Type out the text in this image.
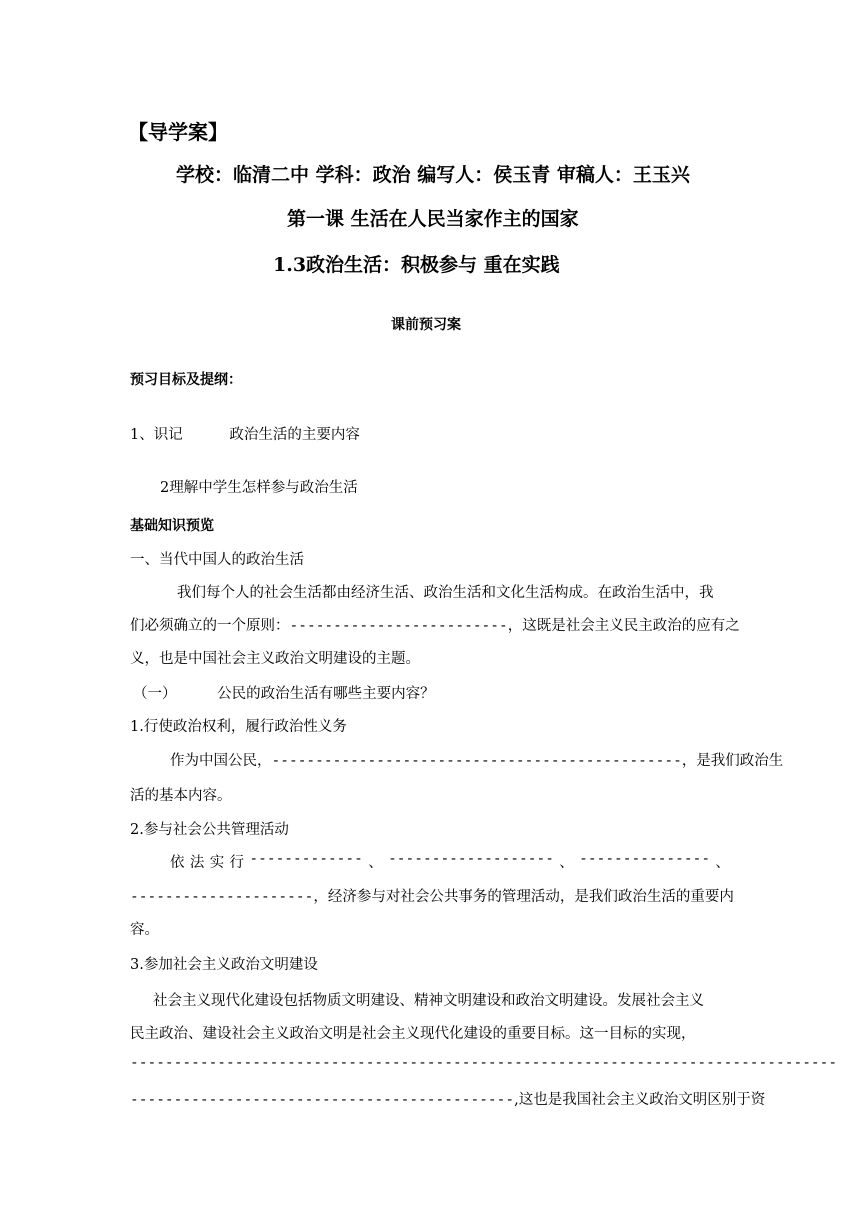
【导学案】
学校：临清二中 学科：政治 编写人：侯玉青 审稿人：王玉兴
第一课 生活在人民当家作主的国家
1.3政治生活：积极参与 重在实践
课前预习案
预习目标及提纲：
1、识记	政治生活的主要内容
2理解中学生怎样参与政治生活
基础知识预览
一、当代中国人的政治生活
我们每个人的社会生活都由经济生活、政治生活和文化生活构成。在政治生活中，我
们必须确立的一个原则：-------------------------，这既是社会主义民主政治的应有之
义，也是中国社会主义政治文明建设的主题。
（一）	公民的政治生活有哪些主要内容？
1.行使政治权利，履行政治性义务
作为中国公民，-----------------------------------------------，是我们政治生
活的基本内容。
2.参与社会公共管理活动
依 法 实 行 ------------- 、 ------------------- 、 --------------- 、
---------------------，经济参与对社会公共事务的管理活动，是我们政治生活的重要内
容。
3.参加社会主义政治文明建设
社会主义现代化建设包括物质文明建设、精神文明建设和政治文明建设。发展社会主义
民主政治、建设社会主义政治文明是社会主义现代化建设的重要目标。这一目标的实现，
---------------------------------------------------------------------------------
--------------------------------------------,这也是我国社会主义政治文明区别于资
